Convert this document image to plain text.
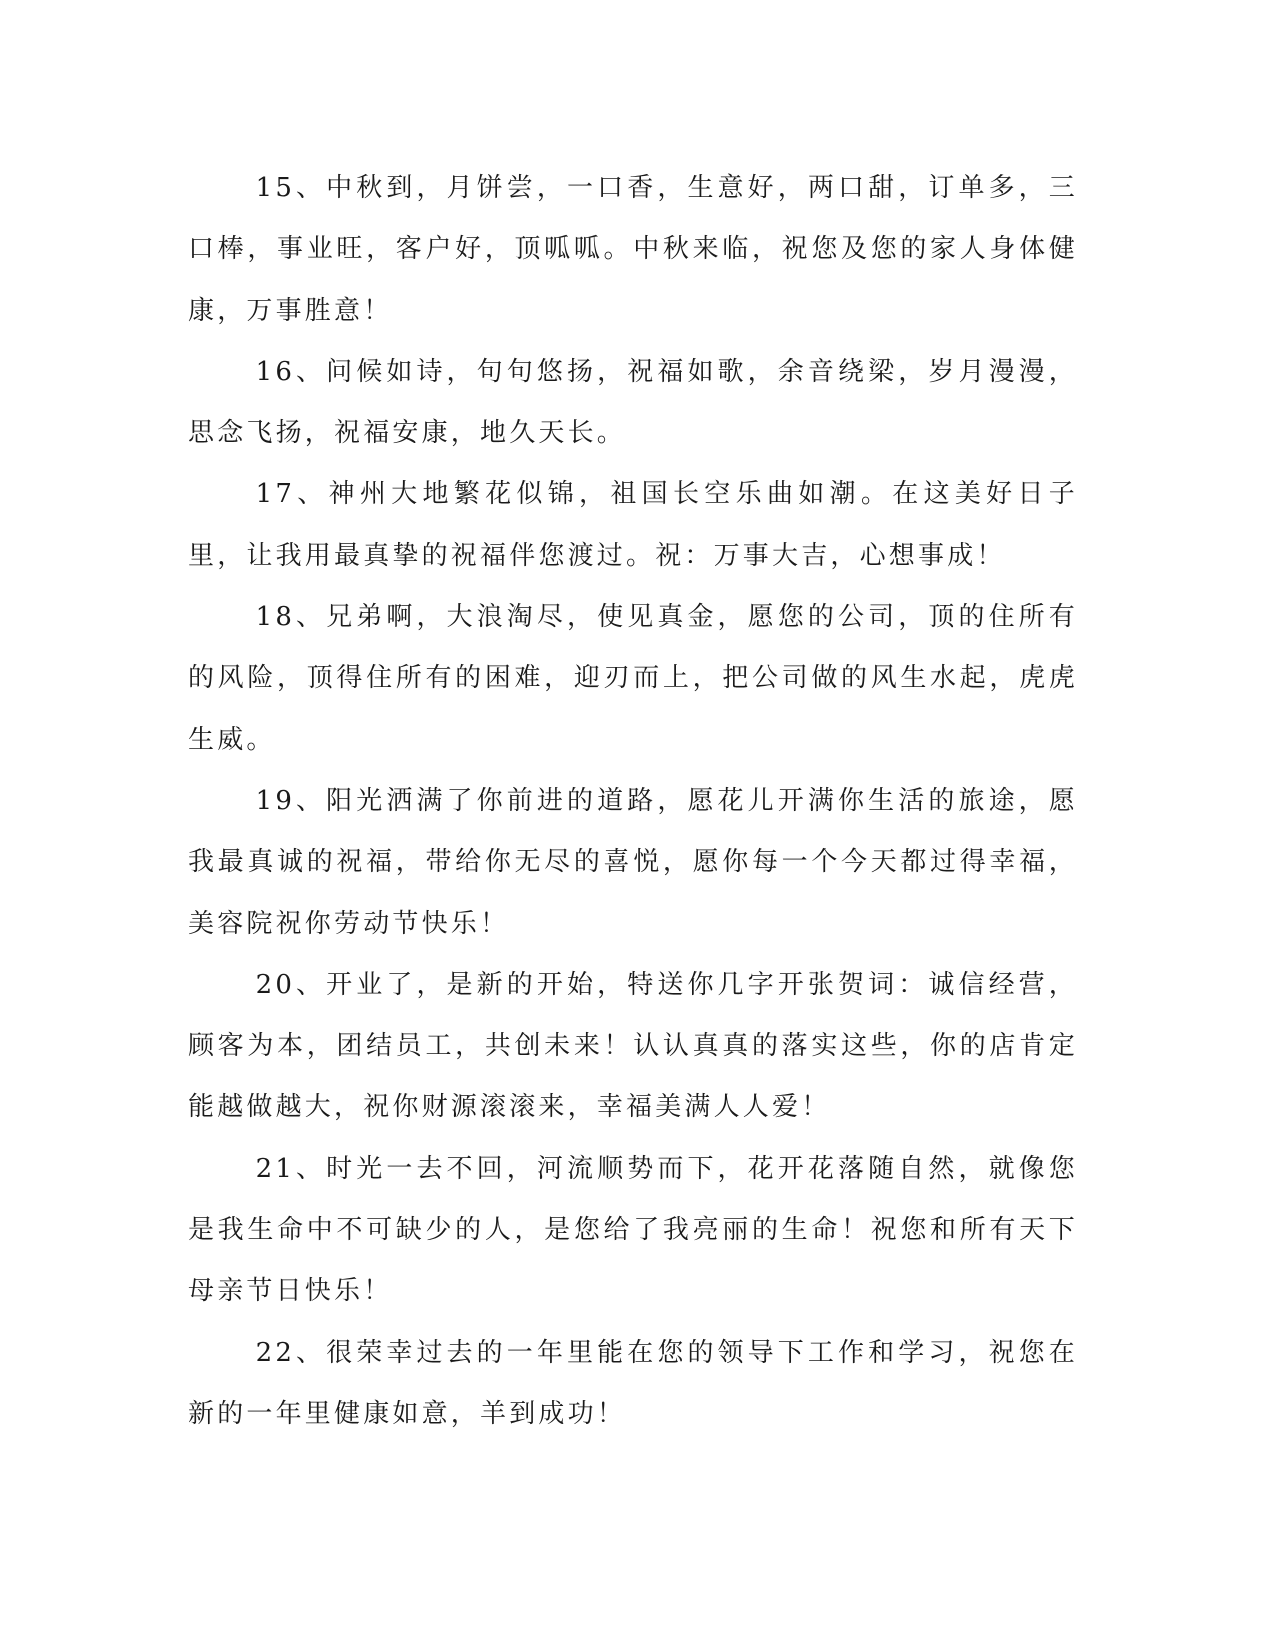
15、中秋到，月饼尝，一口香，生意好，两口甜，订单多，三口棒，事业旺，客户好，顶呱呱。中秋来临，祝您及您的家人身体健康，万事胜意！

16、问候如诗，句句悠扬，祝福如歌，余音绕梁，岁月漫漫，思念飞扬，祝福安康，地久天长。

17、神州大地繁花似锦，祖国长空乐曲如潮。在这美好日子里，让我用最真挚的祝福伴您渡过。祝：万事大吉，心想事成！

18、兄弟啊，大浪淘尽，使见真金，愿您的公司，顶的住所有的风险，顶得住所有的困难，迎刃而上，把公司做的风生水起，虎虎生威。

19、阳光洒满了你前进的道路，愿花儿开满你生活的旅途，愿我最真诚的祝福，带给你无尽的喜悦，愿你每一个今天都过得幸福，美容院祝你劳动节快乐！

20、开业了，是新的开始，特送你几字开张贺词：诚信经营，顾客为本，团结员工，共创未来！认认真真的落实这些，你的店肯定能越做越大，祝你财源滚滚来，幸福美满人人爱！

21、时光一去不回，河流顺势而下，花开花落随自然，就像您是我生命中不可缺少的人，是您给了我亮丽的生命！祝您和所有天下母亲节日快乐！

22、很荣幸过去的一年里能在您的领导下工作和学习，祝您在新的一年里健康如意，羊到成功！
